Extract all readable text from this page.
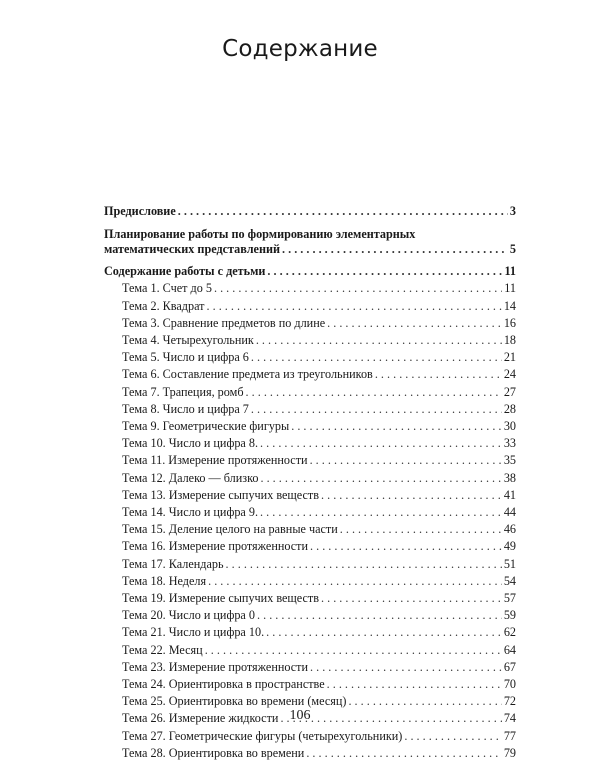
Содержание
Предисловие . . .	3
Планирование работы по формированию элементарных
математических представлений . . .	5
Содержание работы с детьми . . .	11
Тема 1. Счет до 5 . . .	11
Тема 2. Квадрат . . .	14
Тема 3. Сравнение предметов по длине . . .	16
Тема 4. Четырехугольник . . .	18
Тема 5. Число и цифра 6 . . .	21
Тема 6. Составление предмета из треугольников . . .	24
Тема 7. Трапеция, ромб . . .	27
Тема 8. Число и цифра 7 . . .	28
Тема 9. Геометрические фигуры . . .	30
Тема 10. Число и цифра 8. . . .	33
Тема 11. Измерение протяженности . . .	35
Тема 12. Далеко — близко . . .	38
Тема 13. Измерение сыпучих веществ . . .	41
Тема 14. Число и цифра 9. . . .	44
Тема 15. Деление целого на равные части . . .	46
Тема 16. Измерение протяженности . . .	49
Тема 17. Календарь . . .	51
Тема 18. Неделя . . .	54
Тема 19. Измерение сыпучих веществ . . .	57
Тема 20. Число и цифра 0 . . .	59
Тема 21. Число и цифра 10. . . .	62
Тема 22. Месяц . . .	64
Тема 23. Измерение протяженности . . .	67
Тема 24. Ориентировка в пространстве . . .	70
Тема 25. Ориентировка во времени (месяц) . . .	72
Тема 26. Измерение жидкости . . .	74
Тема 27. Геометрические фигуры (четырехугольники) . . .	77
Тема 28. Ориентировка во времени . . .	79
106
